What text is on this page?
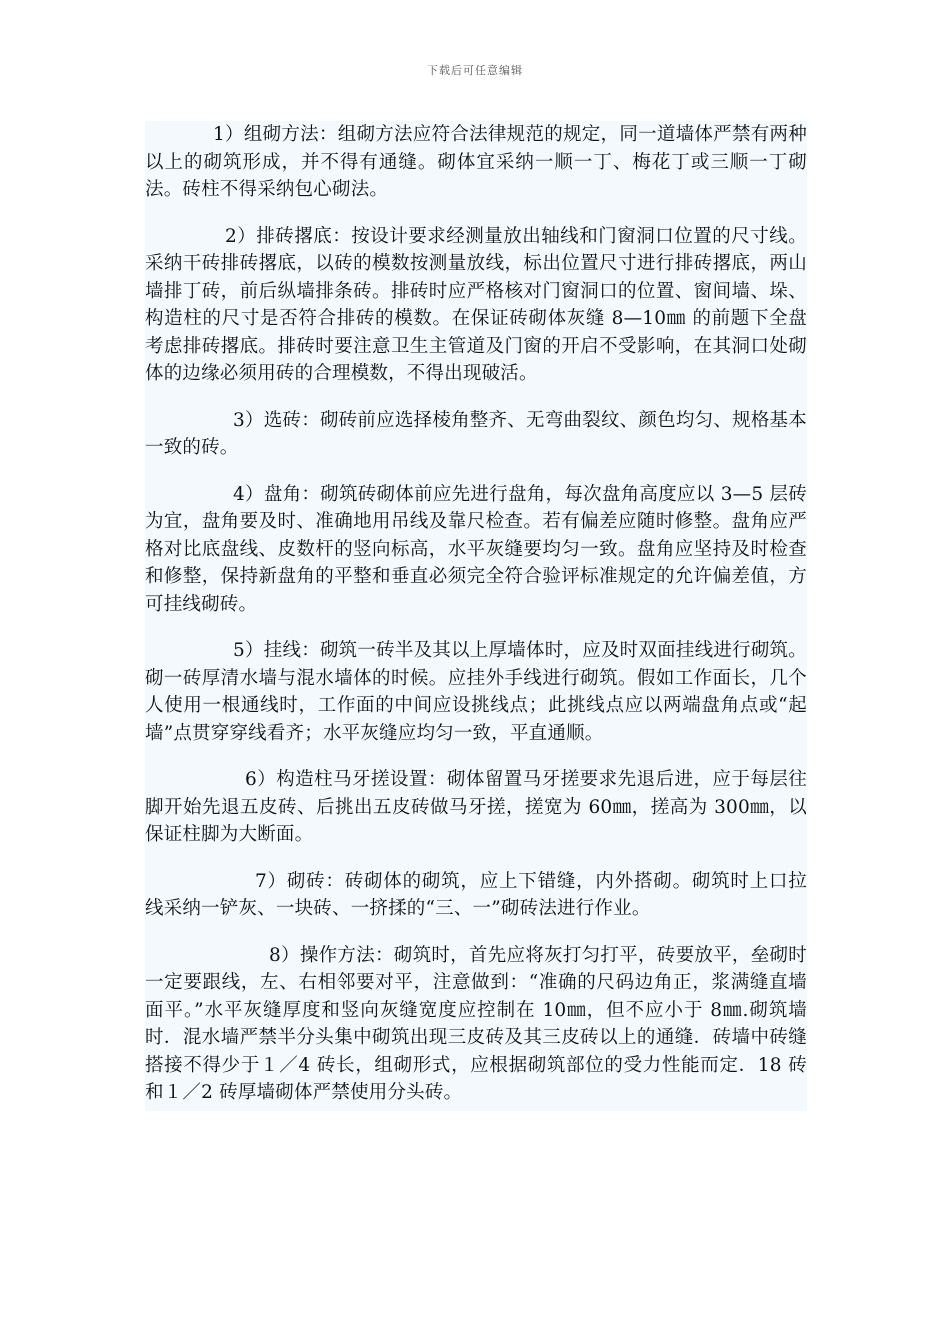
下载后可任意编辑

1）组砌方法：组砌方法应符合法律规范的规定，同一道墙体严禁有两种以上的砌筑形成，并不得有通缝。砌体宜采纳一顺一丁、梅花丁或三顺一丁砌法。砖柱不得采纳包心砌法。

2）排砖撂底：按设计要求经测量放出轴线和门窗洞口位置的尺寸线。采纳干砖排砖撂底，以砖的模数按测量放线，标出位置尺寸进行排砖撂底，两山墙排丁砖，前后纵墙排条砖。排砖时应严格核对门窗洞口的位置、窗间墙、垛、构造柱的尺寸是否符合排砖的模数。在保证砖砌体灰缝 8—10㎜ 的前题下全盘考虑排砖撂底。排砖时要注意卫生主管道及门窗的开启不受影响，在其洞口处砌体的边缘必须用砖的合理模数，不得出现破活。

3）选砖：砌砖前应选择棱角整齐、无弯曲裂纹、颜色均匀、规格基本一致的砖。

4）盘角：砌筑砖砌体前应先进行盘角，每次盘角高度应以 3—5 层砖为宜，盘角要及时、准确地用吊线及靠尺检查。若有偏差应随时修整。盘角应严格对比底盘线、皮数杆的竖向标高，水平灰缝要均匀一致。盘角应坚持及时检查和修整，保持新盘角的平整和垂直必须完全符合验评标准规定的允许偏差值，方可挂线砌砖。

5）挂线：砌筑一砖半及其以上厚墙体时，应及时双面挂线进行砌筑。砌一砖厚清水墙与混水墙体的时候。应挂外手线进行砌筑。假如工作面长，几个人使用一根通线时，工作面的中间应设挑线点；此挑线点应以两端盘角点或“起墙”点贯穿穿线看齐；水平灰缝应均匀一致，平直通顺。

6）构造柱马牙搓设置：砌体留置马牙搓要求先退后进，应于每层往脚开始先退五皮砖、后挑出五皮砖做马牙搓，搓宽为 60㎜，搓高为 300㎜，以保证柱脚为大断面。

7）砌砖：砖砌体的砌筑，应上下错缝，内外搭砌。砌筑时上口拉线采纳一铲灰、一块砖、一挤揉的“三、一”砌砖法进行作业。

8）操作方法：砌筑时，首先应将灰打匀打平，砖要放平，垒砌时一定要跟线，左、右相邻要对平，注意做到：“准确的尺码边角正，浆满缝直墙面平。”水平灰缝厚度和竖向灰缝宽度应控制在 10㎜，但不应小于 8㎜.砌筑墙时．混水墙严禁半分头集中砌筑出现三皮砖及其三皮砖以上的通缝．砖墙中砖缝搭接不得少于１／4 砖长，组砌形式，应根据砌筑部位的受力性能而定．18 砖和１／2 砖厚墙砌体严禁使用分头砖。
